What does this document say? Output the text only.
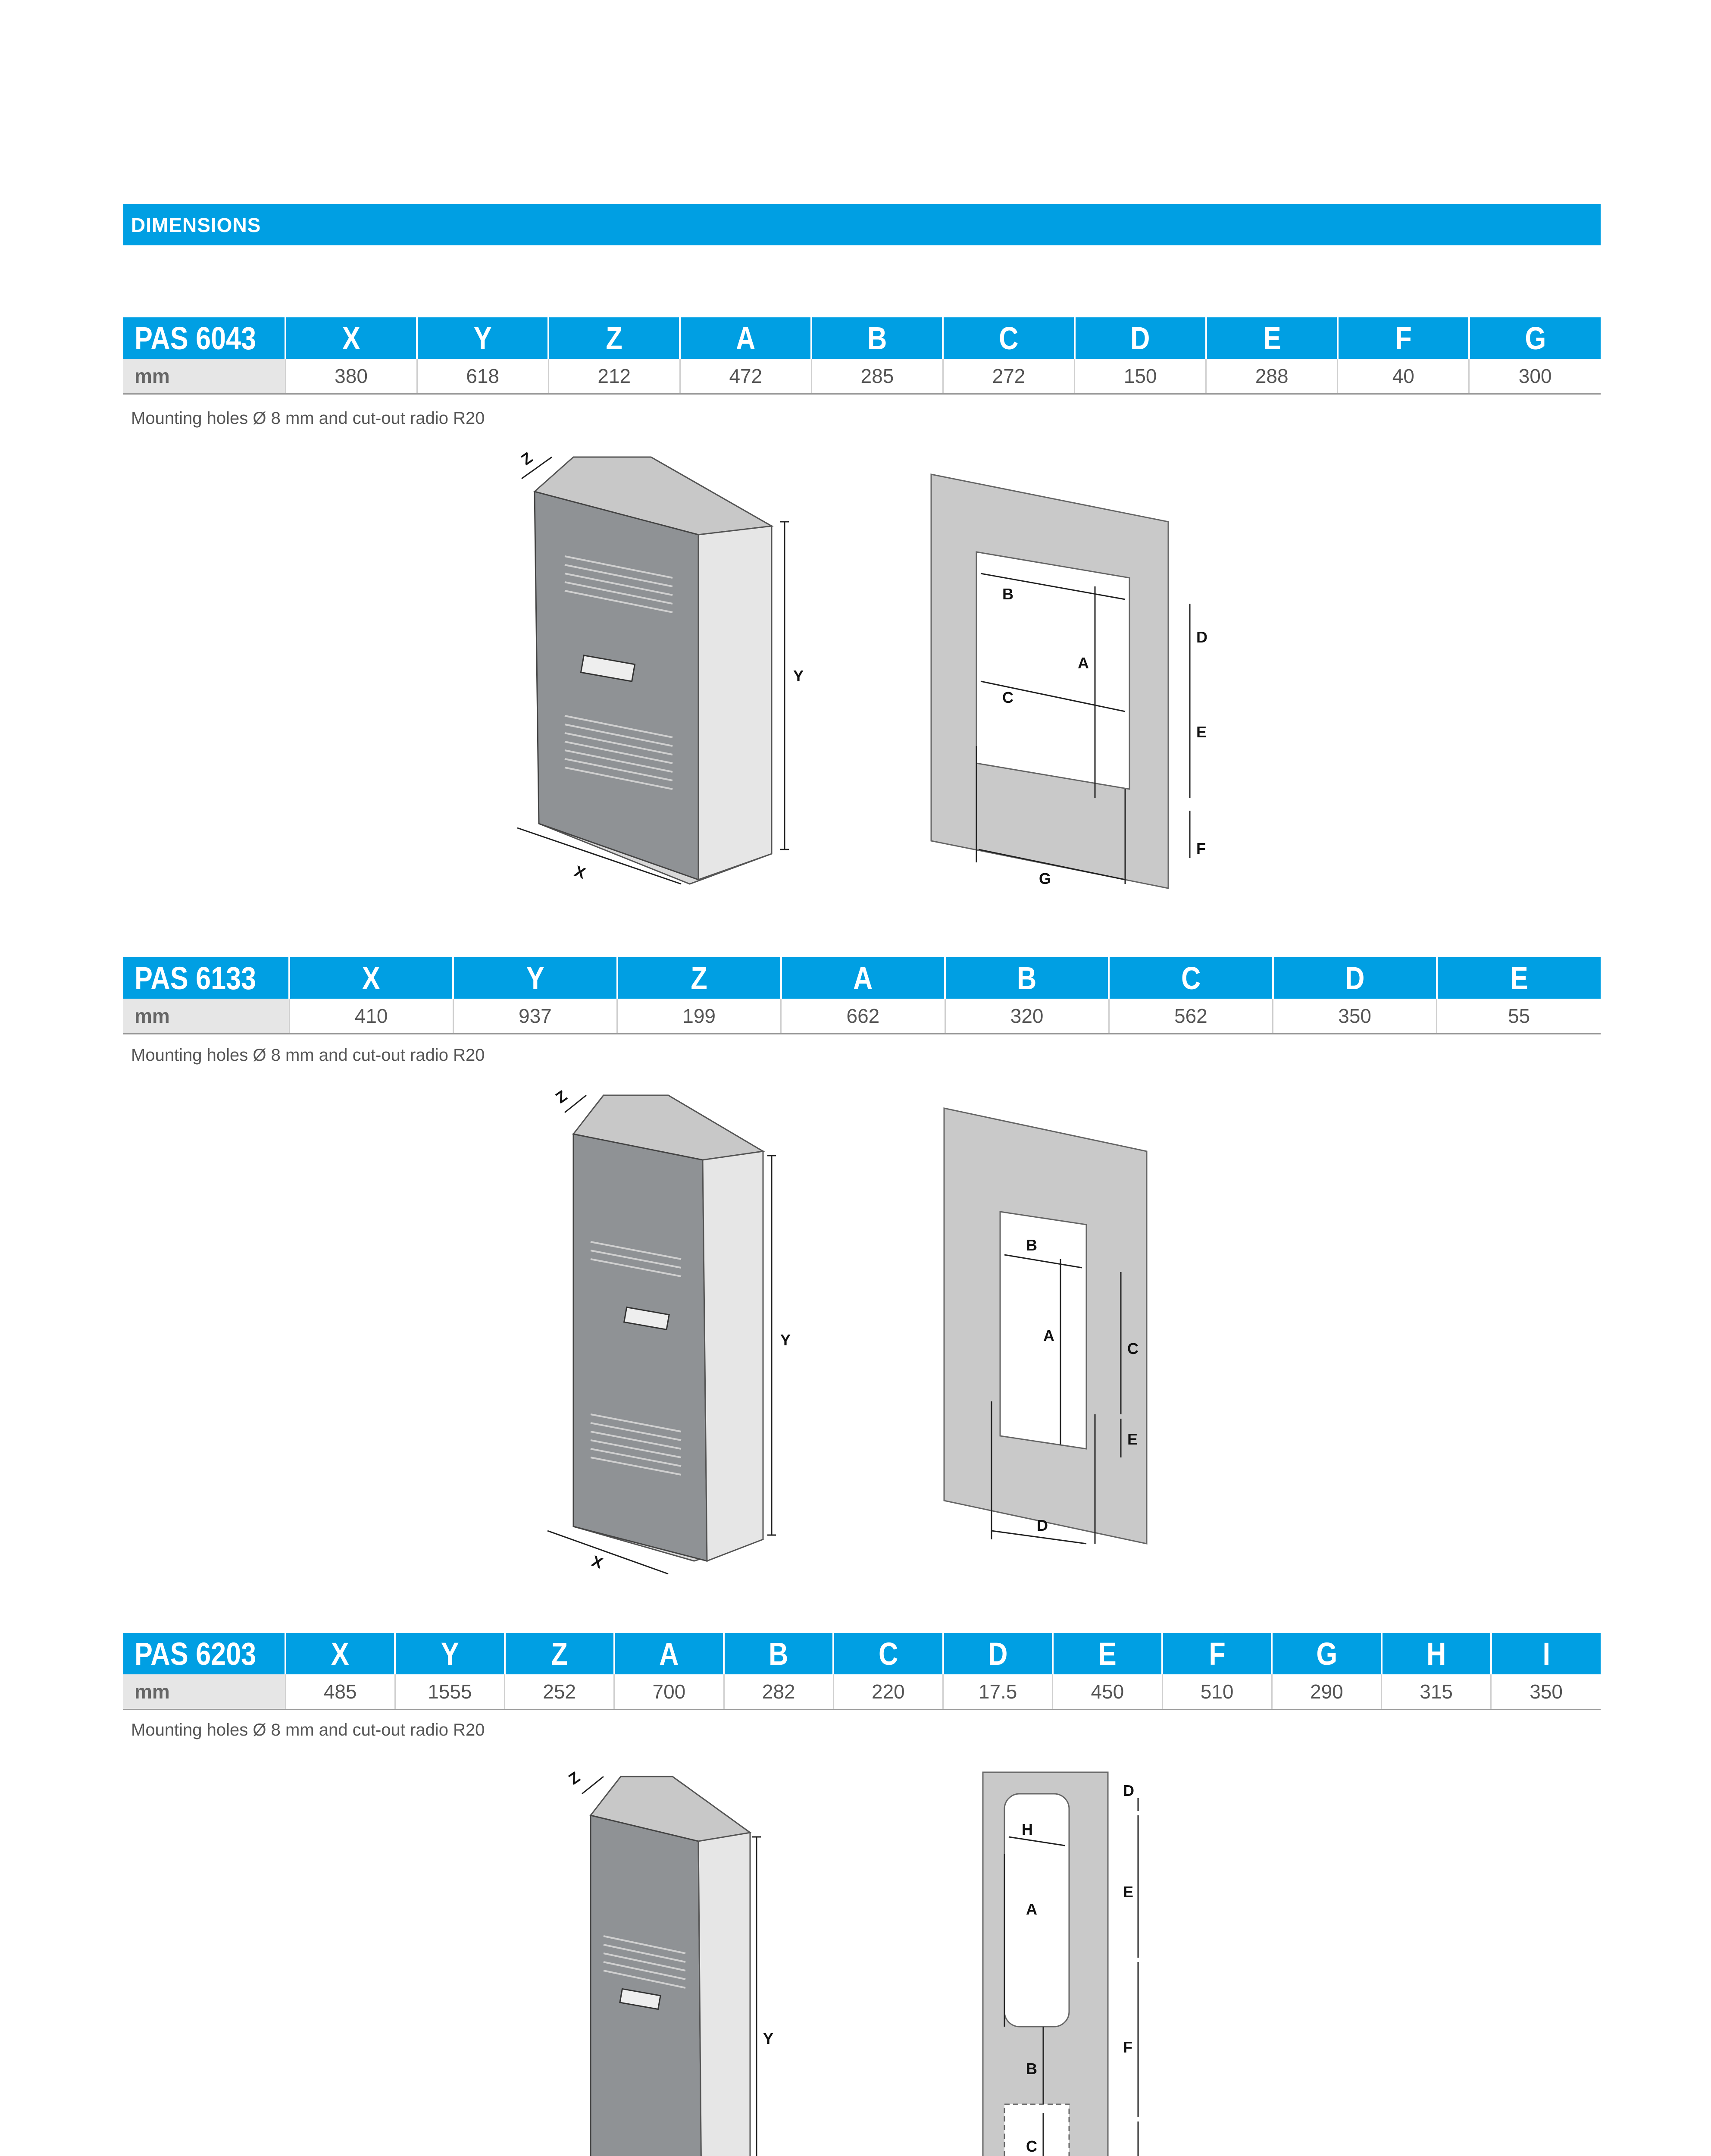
DIMENSIONS
PAS 6043	X	Y	Z	A	B	C	D	E	F	G
mm	380	618	212	472	285	272	150	288	40	300
Mounting holes Ø 8 mm and cut-out radio R20
Y
X
Z
B
A
C
D
E
F
G
PAS 6133	X	Y	Z	A	B	C	D	E
mm	410	937	199	662	320	562	350	55
Mounting holes Ø 8 mm and cut-out radio R20
Y
X
Z
B
A
C
E
D
PAS 6203	X	Y	Z	A	B	C	D	E	F	G	H	I
mm	485	1555	252	700	282	220	17.5	450	510	290	315	350
Mounting holes Ø 8 mm and cut-out radio R20
Y
Z
D
H
E
A
F
B
C
